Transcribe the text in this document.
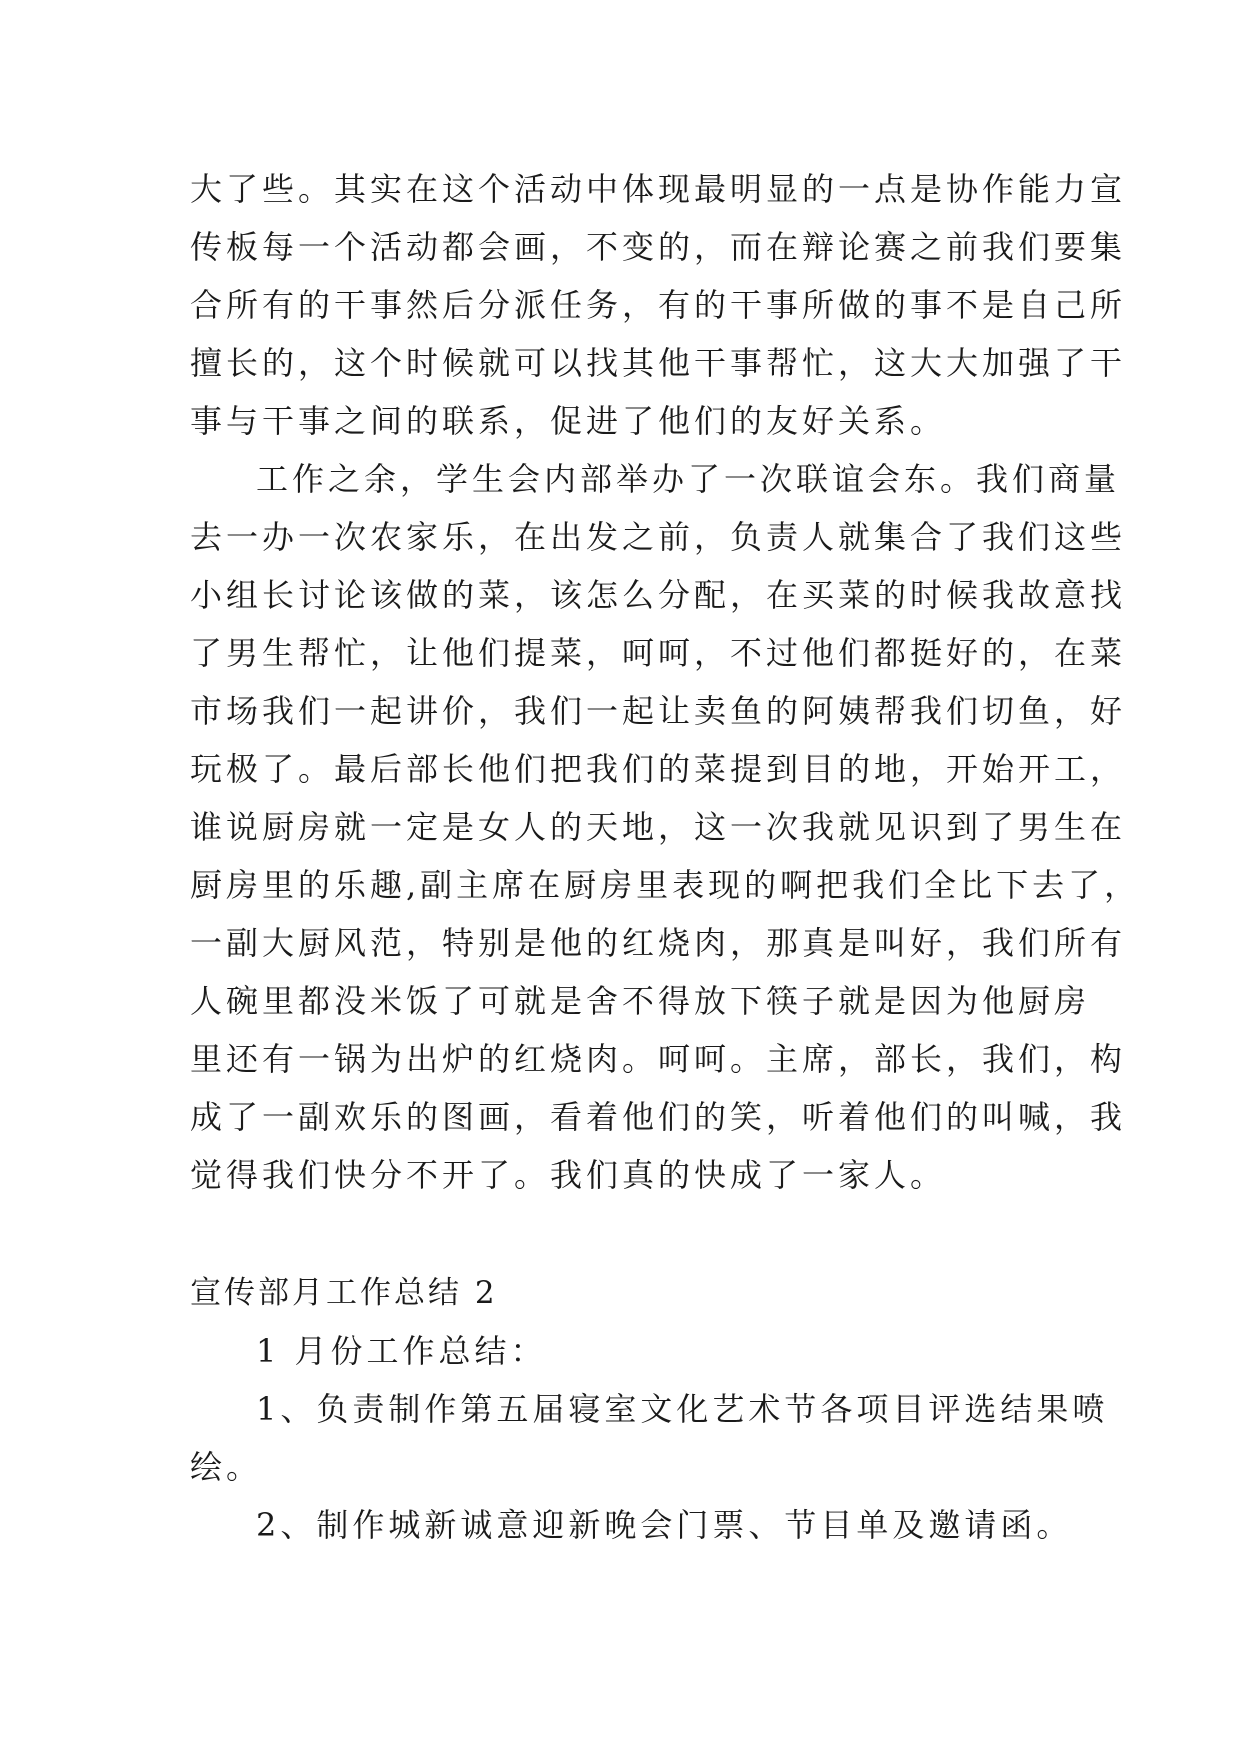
大了些。其实在这个活动中体现最明显的一点是协作能力宣
传板每一个活动都会画，不变的，而在辩论赛之前我们要集
合所有的干事然后分派任务，有的干事所做的事不是自己所
擅长的，这个时候就可以找其他干事帮忙，这大大加强了干
事与干事之间的联系，促进了他们的友好关系。
工作之余，学生会内部举办了一次联谊会东。我们商量
去一办一次农家乐，在出发之前，负责人就集合了我们这些
小组长讨论该做的菜，该怎么分配，在买菜的时候我故意找
了男生帮忙，让他们提菜，呵呵，不过他们都挺好的，在菜
市场我们一起讲价，我们一起让卖鱼的阿姨帮我们切鱼，好
玩极了。最后部长他们把我们的菜提到目的地，开始开工，
谁说厨房就一定是女人的天地，这一次我就见识到了男生在
厨房里的乐趣,副主席在厨房里表现的啊把我们全比下去了，
一副大厨风范，特别是他的红烧肉，那真是叫好，我们所有
人碗里都没米饭了可就是舍不得放下筷子就是因为他厨房
里还有一锅为出炉的红烧肉。呵呵。主席，部长，我们，构
成了一副欢乐的图画，看着他们的笑，听着他们的叫喊，我
觉得我们快分不开了。我们真的快成了一家人。
宣传部月工作总结 2
1 月份工作总结：
1、负责制作第五届寝室文化艺术节各项目评选结果喷
绘。
2、制作城新诚意迎新晚会门票、节目单及邀请函。
